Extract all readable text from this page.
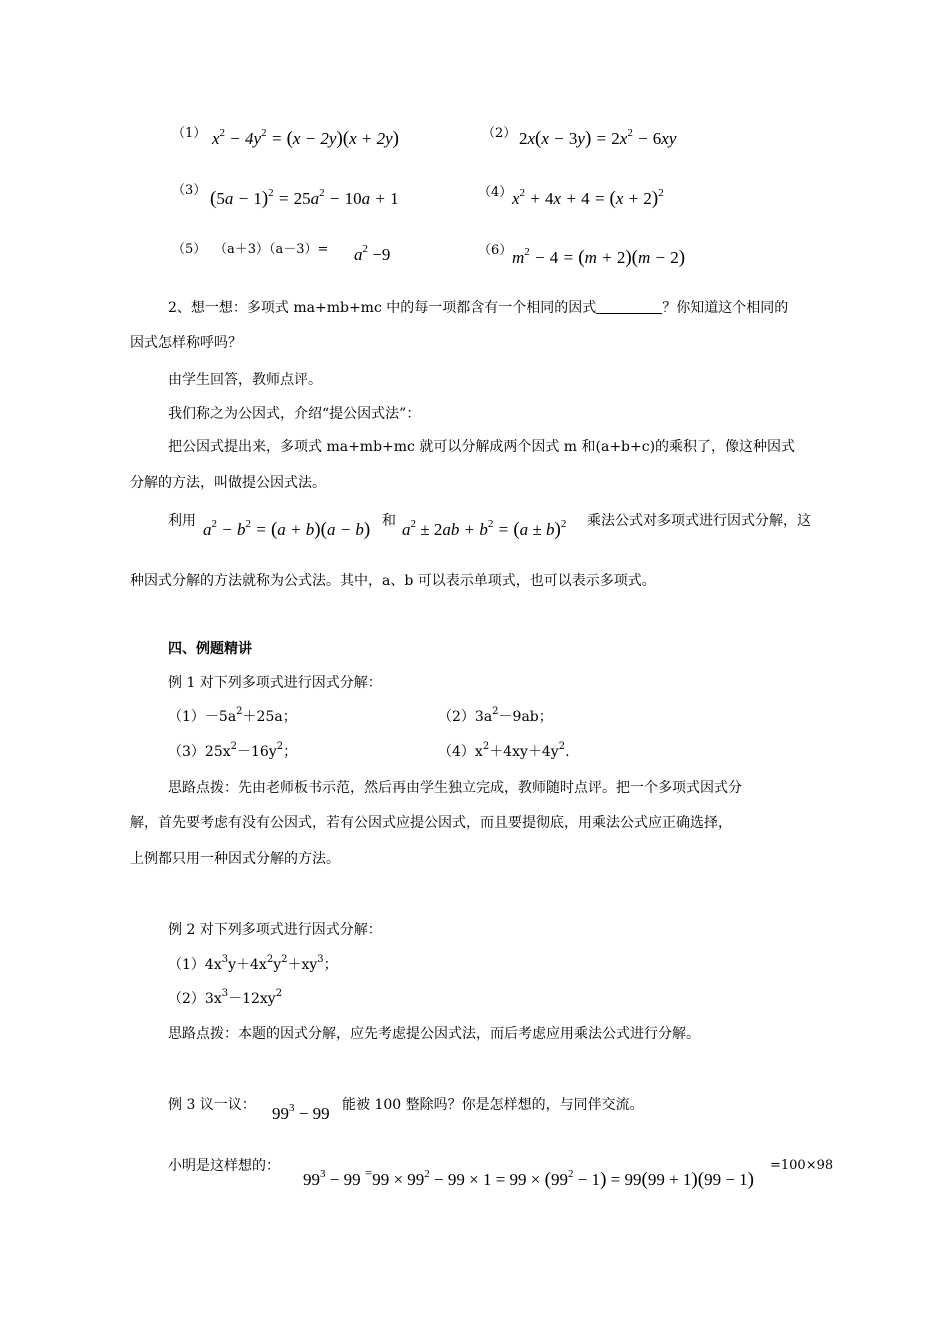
（1） $x^2 - 4y^2 = (x - 2y)(x + 2y)$	（2） $2x(x - 3y) = 2x^2 - 6xy$
（3） $(5a - 1)^2 = 25a^2 - 10a + 1$	（4） $x^2 + 4x + 4 = (x + 2)^2$
（5） $(a+3)(a-3)= a^2 -9$	（6） $m^2 - 4 = (m + 2)(m - 2)$
2、想一想：多项式 ma+mb+mc 中的每一项都含有一个相同的因式	？你知道这个相同的
因式怎样称呼吗？
由学生回答，教师点评。
我们称之为公因式，介绍“提公因式法”：
把公因式提出来，多项式 ma+mb+mc 就可以分解成两个因式 m 和(a+b+c)的乘积了，像这种因式
分解的方法，叫做提公因式法。
利用 $a^2 - b^2 = (a + b)(a - b)$ 和 $a^2 \pm 2ab + b^2 = (a \pm b)^2$ 乘法公式对多项式进行因式分解，这
种因式分解的方法就称为公式法。其中，a、b 可以表示单项式，也可以表示多项式。
四、例题精讲
例 1 对下列多项式进行因式分解：
$(1)-5a^2+25a$；	$(2)3a^2-9ab$；
$(3)25x^2-16y^2$；	$(4)x^2+4xy+4y^2$.
思路点拨：先由老师板书示范，然后再由学生独立完成，教师随时点评。把一个多项式因式分
解，首先要考虑有没有公因式，若有公因式应提公因式，而且要提彻底，用乘法公式应正确选择，
上例都只用一种因式分解的方法。
例 2 对下列多项式进行因式分解：
$(1)4x^3y+4x^2y^2+xy^3$；
$(2)3x^3-12xy^2$
思路点拨：本题的因式分解，应先考虑提公因式法，而后考虑应用乘法公式进行分解。
例 3 议一议： $99^3 - 99$ 能被 100 整除吗？你是怎样想的，与同伴交流。
小明是这样想的：
$99^3 - 99$ $^=99 \times 99^2 - 99 \times 1 = 99 \times (99^2 - 1) = 99(99 + 1)(99 - 1)$
=100×98
